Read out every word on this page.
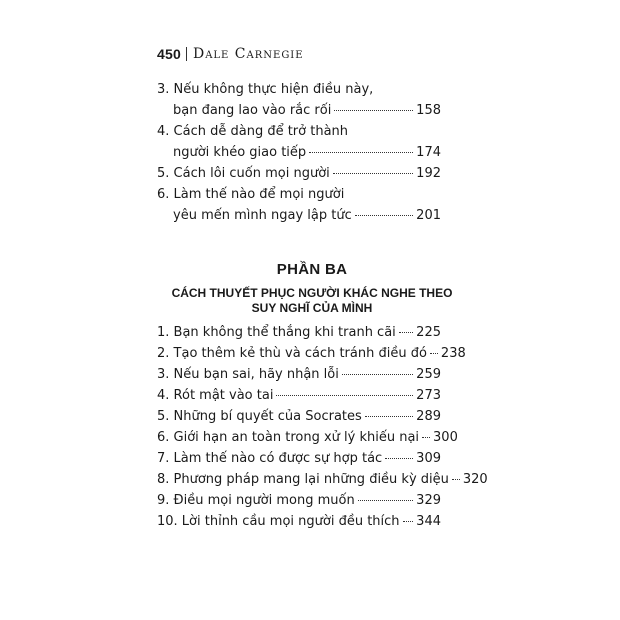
450 Dale Carnegie
3. Nếu không thực hiện điều này,
bạn đang lao vào rắc rối	158
4. Cách dễ dàng để trở thành
người khéo giao tiếp	174
5. Cách lôi cuốn mọi người	192
6. Làm thế nào để mọi người
yêu mến mình ngay lập tức	201
PHẦN BA
CÁCH THUYẾT PHỤC NGƯỜI KHÁC NGHE THEO
SUY NGHĨ CỦA MÌNH
1. Bạn không thể thắng khi tranh cãi 225
2. Tạo thêm kẻ thù và cách tránh điều đó 238
3. Nếu bạn sai, hãy nhận lỗi	259
4. Rót mật vào tai	273
5. Những bí quyết của Socrates	289
6. Giới hạn an toàn trong xử lý khiếu nại 300
7. Làm thế nào có được sự hợp tác	309
8. Phương pháp mang lại những điều kỳ diệu 320
9. Điều mọi người mong muốn	329
10. Lời thỉnh cầu mọi người đều thích 344
